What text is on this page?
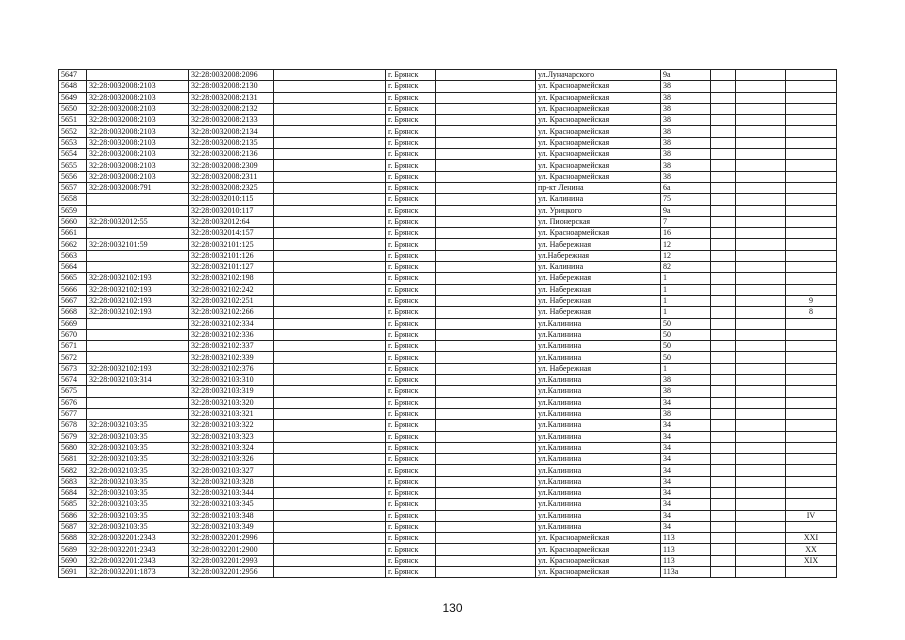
5647		32:28:0032008:2096		г. Брянск		ул.Луначарского	9а			
5648	32:28:0032008:2103	32:28:0032008:2130		г. Брянск		ул. Красноармейская	38			
5649	32:28:0032008:2103	32:28:0032008:2131		г. Брянск		ул. Красноармейская	38			
5650	32:28:0032008:2103	32:28:0032008:2132		г. Брянск		ул. Красноармейская	38			
5651	32:28:0032008:2103	32:28:0032008:2133		г. Брянск		ул. Красноармейская	38			
5652	32:28:0032008:2103	32:28:0032008:2134		г. Брянск		ул. Красноармейская	38			
5653	32:28:0032008:2103	32:28:0032008:2135		г. Брянск		ул. Красноармейская	38			
5654	32:28:0032008:2103	32:28:0032008:2136		г. Брянск		ул. Красноармейская	38			
5655	32:28:0032008:2103	32:28:0032008:2309		г. Брянск		ул. Красноармейская	38			
5656	32:28:0032008:2103	32:28:0032008:2311		г. Брянск		ул. Красноармейская	38			
5657	32:28:0032008:791	32:28:0032008:2325		г. Брянск		пр-кт Ленина	6а			
5658		32:28:0032010:115		г. Брянск		ул. Калинина	75			
5659		32:28:0032010:117		г. Брянск		ул. Урицкого	9а			
5660	32:28:0032012:55	32:28:0032012:64		г. Брянск		ул. Пионерская	7			
5661		32:28:0032014:157		г. Брянск		ул. Красноармейская	16			
5662	32:28:0032101:59	32:28:0032101:125		г. Брянск		ул. Набережная	12			
5663		32:28:0032101:126		г. Брянск		ул.Набережная	12			
5664		32:28:0032101:127		г. Брянск		ул. Калинина	82			
5665	32:28:0032102:193	32:28:0032102:198		г. Брянск		ул. Набережная	1			
5666	32:28:0032102:193	32:28:0032102:242		г. Брянск		ул. Набережная	1			
5667	32:28:0032102:193	32:28:0032102:251		г. Брянск		ул. Набережная	1			9
5668	32:28:0032102:193	32:28:0032102:266		г. Брянск		ул. Набережная	1			8
5669		32:28:0032102:334		г. Брянск		ул.Калинина	50			
5670		32:28:0032102:336		г. Брянск		ул.Калинина	50			
5671		32:28:0032102:337		г. Брянск		ул.Калинина	50			
5672		32:28:0032102:339		г. Брянск		ул.Калинина	50			
5673	32:28:0032102:193	32:28:0032102:376		г. Брянск		ул. Набережная	1			
5674	32:28:0032103:314	32:28:0032103:310		г. Брянск		ул.Калинина	38			
5675		32:28:0032103:319		г. Брянск		ул.Калинина	38			
5676		32:28:0032103:320		г. Брянск		ул.Калинина	34			
5677		32:28:0032103:321		г. Брянск		ул.Калинина	38			
5678	32:28:0032103:35	32:28:0032103:322		г. Брянск		ул.Калинина	34			
5679	32:28:0032103:35	32:28:0032103:323		г. Брянск		ул.Калинина	34			
5680	32:28:0032103:35	32:28:0032103:324		г. Брянск		ул.Калинина	34			
5681	32:28:0032103:35	32:28:0032103:326		г. Брянск		ул.Калинина	34			
5682	32:28:0032103:35	32:28:0032103:327		г. Брянск		ул.Калинина	34			
5683	32:28:0032103:35	32:28:0032103:328		г. Брянск		ул.Калинина	34			
5684	32:28:0032103:35	32:28:0032103:344		г. Брянск		ул.Калинина	34			
5685	32:28:0032103:35	32:28:0032103:345		г. Брянск		ул.Калинина	34			
5686	32:28:0032103:35	32:28:0032103:348		г. Брянск		ул.Калинина	34			IV
5687	32:28:0032103:35	32:28:0032103:349		г. Брянск		ул.Калинина	34			
5688	32:28:0032201:2343	32:28:0032201:2996		г. Брянск		ул. Красноармейская	113			XXI
5689	32:28:0032201:2343	32:28:0032201:2900		г. Брянск		ул. Красноармейская	113			XX
5690	32:28:0032201:2343	32:28:0032201:2993		г. Брянск		ул. Красноармейская	113			XIX
5691	32:28:0032201:1873	32:28:0032201:2956		г. Брянск		ул. Красноармейская	113а			
130
